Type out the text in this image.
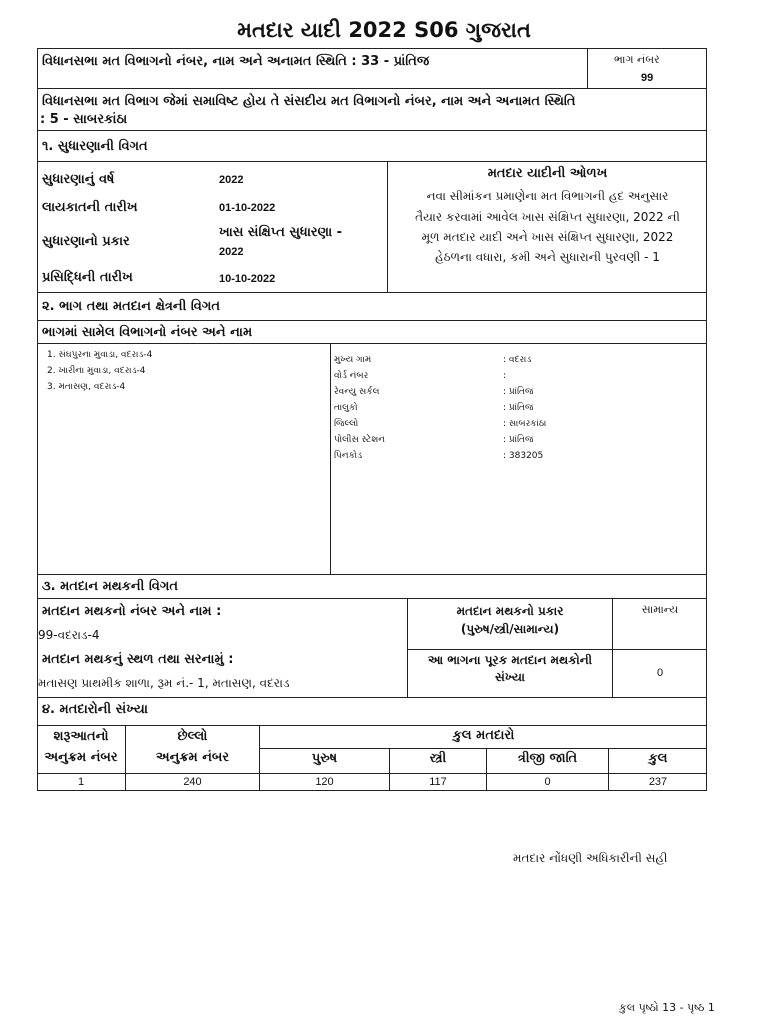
મતદાર યાદી 2022 S06 ગુજરાત
વિધાનસભા મત વિભાગનો નંબર, નામ અને અનામત સ્થિતિ : 33 - પ્રાંતિજ	ભાગ નંબર
99
વિધાનસભા મત વિભાગ જેમાં સમાવિષ્ટ હોય તે સંસદીય મત વિભાગનો નંબર, નામ અને અનામત સ્થિતિ
: 5 - સાબરકાંઠા
૧. સુધારણાની વિગત
સુધારણાનું વર્ષ	2022
લાયકાતની તારીખ	01-10-2022
સુધારણાનો પ્રકાર
ખાસ સંક્ષિપ્ત સુધારણા -
2022
પ્રસિદ્ધિની તારીખ	10-10-2022
મતદાર યાદીની ઓળખ
નવા સીમાંકન પ્રમાણેના મત વિભાગની હદ અનુસાર
તૈયાર કરવામાં આવેલ ખાસ સંક્ષિપ્ત સુધારણા, 2022 ની
મૂળ મતદાર યાદી અને ખાસ સંક્ષિપ્ત સુધારણા, 2022
હેઠળના વધારા, કમી અને સુધારાની પુરવણી - 1
૨. ભાગ તથા મતદાન ક્ષેત્રની વિગત
ભાગમાં સામેલ વિભાગનો નંબર અને નામ
1. સંઘપુરના મુવાડા, વદરાડ-4
2. ખારીના મુવાડા, વદરાડ-4
3. મતાસણ, વદરાડ-4
મુખ્ય ગામ	: વદરાડ
વોર્ડ નંબર	:
રેવન્યુ સર્કલ	: પ્રાંતિજ
તાલુકો	: પ્રાંતિજ
જિલ્લો	: સાબરકાંઠા
પોલીસ સ્ટેશન	: પ્રાંતિજ
પિનકોડ	: 383205
૩. મતદાન મથકની વિગત
મતદાન મથકનો નંબર અને નામ :
99-વદરાડ-4
મતદાન મથકનું સ્થળ તથા સરનામું :
મતાસણ પ્રાથમીક શાળા, રૂમ નં.- 1, મતાસણ, વદરાડ
મતદાન મથકનો પ્રકાર
(પુરુષ/સ્ત્રી/સામાન્ય)
સામાન્ય
આ ભાગના પૂરક મતદાન મથકોની
સંખ્યા	0
૪. મતદારોની સંખ્યા
શરૂઆતનો
અનુક્રમ નંબર
છેલ્લો
અનુક્રમ નંબર
કુલ મતદારો
પુરુષ	સ્ત્રી	ત્રીજી જાતિ	કુલ
1	240	120	117	0	237
મતદાર નોંધણી અધિકારીની સહી
કુલ પૃષ્ઠો 13 - પૃષ્ઠ 1
